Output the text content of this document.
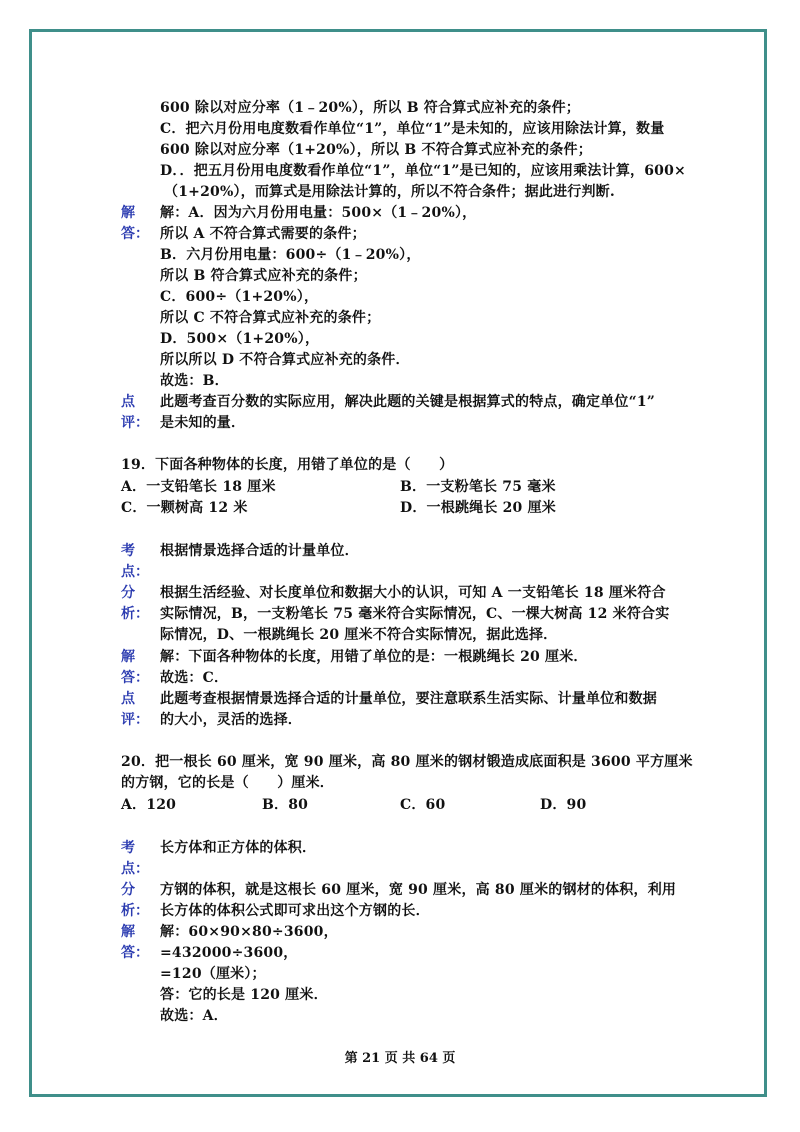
600 除以对应分率（1﹣20%），所以 B 符合算式应补充的条件；
C．把六月份用电度数看作单位“1”，单位“1”是未知的，应该用除法计算，数量
600 除以对应分率（1+20%），所以 B 不符合算式应补充的条件；
D．．把五月份用电度数看作单位“1”，单位“1”是已知的，应该用乘法计算，600×
（1+20%），而算式是用除法计算的，所以不符合条件；据此进行判断.
解
答：
解：A．因为六月份用电量：500×（1﹣20%），
所以 A 不符合算式需要的条件；
B．六月份用电量：600÷（1﹣20%），
所以 B 符合算式应补充的条件；
C．600÷（1+20%），
所以 C 不符合算式应补充的条件；
D．500×（1+20%），
所以所以 D 不符合算式应补充的条件．
故选：B．
点
评：
此题考查百分数的实际应用，解决此题的关键是根据算式的特点，确定单位“1”
是未知的量．
19．下面各种物体的长度，用错了单位的是（　　）
A．一支铅笔长 18 厘米	B．一支粉笔长 75 毫米
C．一颗树高 12 米	D．一根跳绳长 20 厘米
考
点：
根据情景选择合适的计量单位．
分
析：
根据生活经验、对长度单位和数据大小的认识，可知 A 一支铅笔长 18 厘米符合
实际情况，B，一支粉笔长 75 毫米符合实际情况，C、一棵大树高 12 米符合实
际情况，D、一根跳绳长 20 厘米不符合实际情况，据此选择．
解
答：
解：下面各种物体的长度，用错了单位的是：一根跳绳长 20 厘米．
故选：C．
点
评：
此题考查根据情景选择合适的计量单位，要注意联系生活实际、计量单位和数据
的大小，灵活的选择．
20．把一根长 60 厘米，宽 90 厘米，高 80 厘米的钢材锻造成底面积是 3600 平方厘米
的方钢，它的长是（　　）厘米．
A．120	B．80	C．60	D．90
考
点：
长方体和正方体的体积．
分
析：
方钢的体积，就是这根长 60 厘米，宽 90 厘米，高 80 厘米的钢材的体积，利用
长方体的体积公式即可求出这个方钢的长．
解
答：
解：60×90×80÷3600，
=432000÷3600，
=120（厘米）；
答：它的长是 120 厘米．
故选：A．
第 21 页 共 64 页
